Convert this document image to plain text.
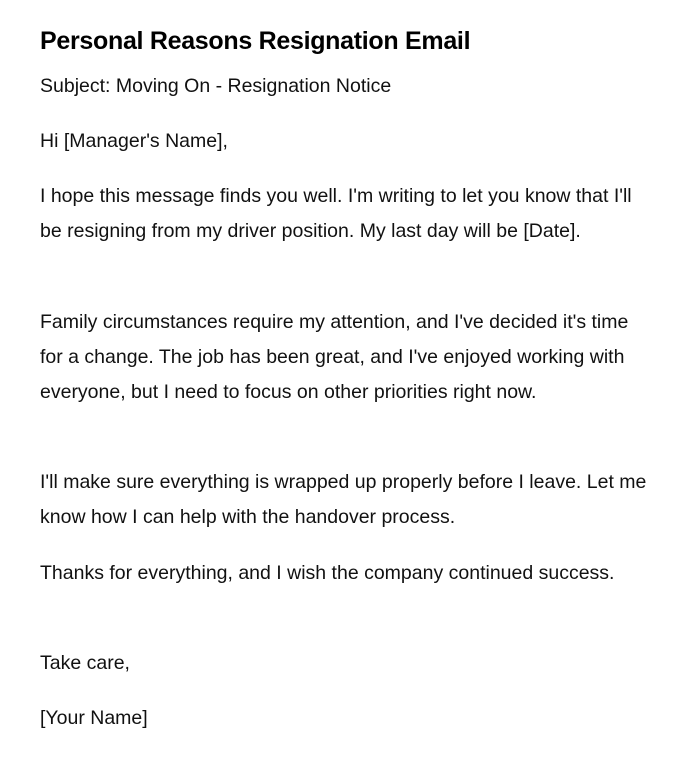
Personal Reasons Resignation Email

Subject: Moving On - Resignation Notice

Hi [Manager's Name],

I hope this message finds you well. I'm writing to let you know that I'll be resigning from my driver position. My last day will be [Date].

Family circumstances require my attention, and I've decided it's time for a change. The job has been great, and I've enjoyed working with everyone, but I need to focus on other priorities right now.

I'll make sure everything is wrapped up properly before I leave. Let me know how I can help with the handover process.

Thanks for everything, and I wish the company continued success.

Take care,

[Your Name]
